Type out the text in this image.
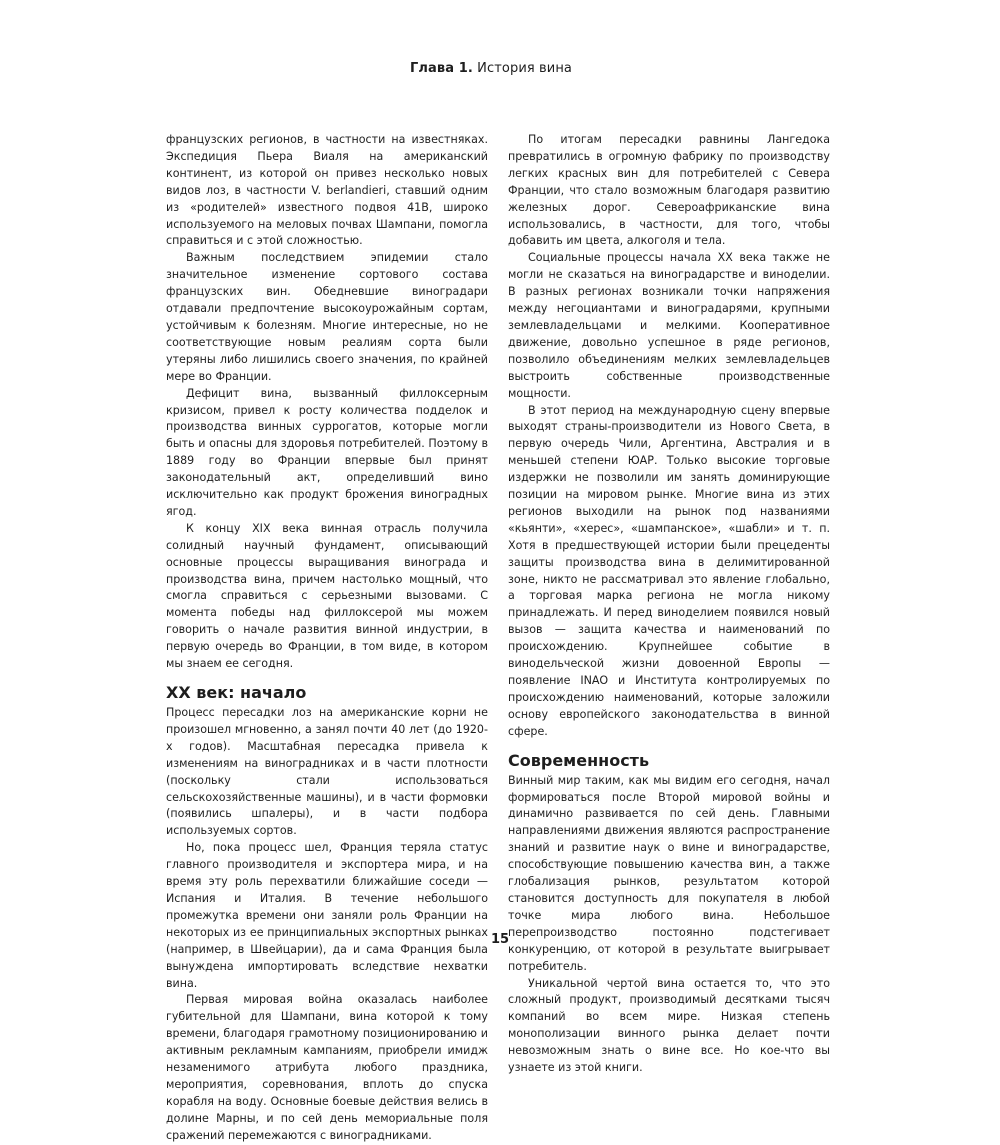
Глава 1. История вина

французских регионов, в частности на известняках. Экспедиция Пьера Виаля на американский континент, из которой он привез несколько новых видов лоз, в частности V. berlandieri, ставший одним из «родителей» известного подвоя 41B, широко используемого на меловых почвах Шампани, помогла справиться и с этой сложностью.

Важным последствием эпидемии стало значительное изменение сортового состава французских вин. Обедневшие виноградари отдавали предпочтение высокоурожайным сортам, устойчивым к болезням. Многие интересные, но не соответствующие новым реалиям сорта были утеряны либо лишились своего значения, по крайней мере во Франции.

Дефицит вина, вызванный филлоксерным кризисом, привел к росту количества подделок и производства винных суррогатов, которые могли быть и опасны для здоровья потребителей. Поэтому в 1889 году во Франции впервые был принят законодательный акт, определивший вино исключительно как продукт брожения виноградных ягод.

К концу XIX века винная отрасль получила солидный научный фундамент, описывающий основные процессы выращивания винограда и производства вина, причем настолько мощный, что смогла справиться с серьезными вызовами. С момента победы над филлоксерой мы можем говорить о начале развития винной индустрии, в первую очередь во Франции, в том виде, в котором мы знаем ее сегодня.

XX век: начало

Процесс пересадки лоз на американские корни не произошел мгновенно, а занял почти 40 лет (до 1920-х годов). Масштабная пересадка привела к изменениям на виноградниках и в части плотности (поскольку стали использоваться сельскохозяйственные машины), и в части формовки (появились шпалеры), и в части подбора используемых сортов.

Но, пока процесс шел, Франция теряла статус главного производителя и экспортера мира, и на время эту роль перехватили ближайшие соседи — Испания и Италия. В течение небольшого промежутка времени они заняли роль Франции на некоторых из ее принципиальных экспортных рынках (например, в Швейцарии), да и сама Франция была вынуждена импортировать вследствие нехватки вина.

Первая мировая война оказалась наиболее губительной для Шампани, вина которой к тому времени, благодаря грамотному позиционированию и активным рекламным кампаниям, приобрели имидж незаменимого атрибута любого праздника, мероприятия, соревнования, вплоть до спуска корабля на воду. Основные боевые действия велись в долине Марны, и по сей день мемориальные поля сражений перемежаются с виноградниками.

По итогам пересадки равнины Лангедока превратились в огромную фабрику по производству легких красных вин для потребителей с Севера Франции, что стало возможным благодаря развитию железных дорог. Североафриканские вина использовались, в частности, для того, чтобы добавить им цвета, алкоголя и тела.

Социальные процессы начала XX века также не могли не сказаться на виноградарстве и виноделии. В разных регионах возникали точки напряжения между негоциантами и виноградарями, крупными землевладельцами и мелкими. Кооперативное движение, довольно успешное в ряде регионов, позволило объединениям мелких землевладельцев выстроить собственные производственные мощности.

В этот период на международную сцену впервые выходят страны-производители из Нового Света, в первую очередь Чили, Аргентина, Австралия и в меньшей степени ЮАР. Только высокие торговые издержки не позволили им занять доминирующие позиции на мировом рынке. Многие вина из этих регионов выходили на рынок под названиями «кьянти», «херес», «шампанское», «шабли» и т. п. Хотя в предшествующей истории были прецеденты защиты производства вина в делимитированной зоне, никто не рассматривал это явление глобально, а торговая марка региона не могла никому принадлежать. И перед виноделием появился новый вызов — защита качества и наименований по происхождению. Крупнейшее событие в винодельческой жизни довоенной Европы — появление INAO и Института контролируемых по происхождению наименований, которые заложили основу европейского законодательства в винной сфере.

Современность

Винный мир таким, как мы видим его сегодня, начал формироваться после Второй мировой войны и динамично развивается по сей день. Главными направлениями движения являются распространение знаний и развитие наук о вине и виноградарстве, способствующие повышению качества вин, а также глобализация рынков, результатом которой становится доступность для покупателя в любой точке мира любого вина. Небольшое перепроизводство постоянно подстегивает конкуренцию, от которой в результате выигрывает потребитель.

Уникальной чертой вина остается то, что это сложный продукт, производимый десятками тысяч компаний во всем мире. Низкая степень монополизации винного рынка делает почти невозможным знать о вине все. Но кое-что вы узнаете из этой книги.

15
